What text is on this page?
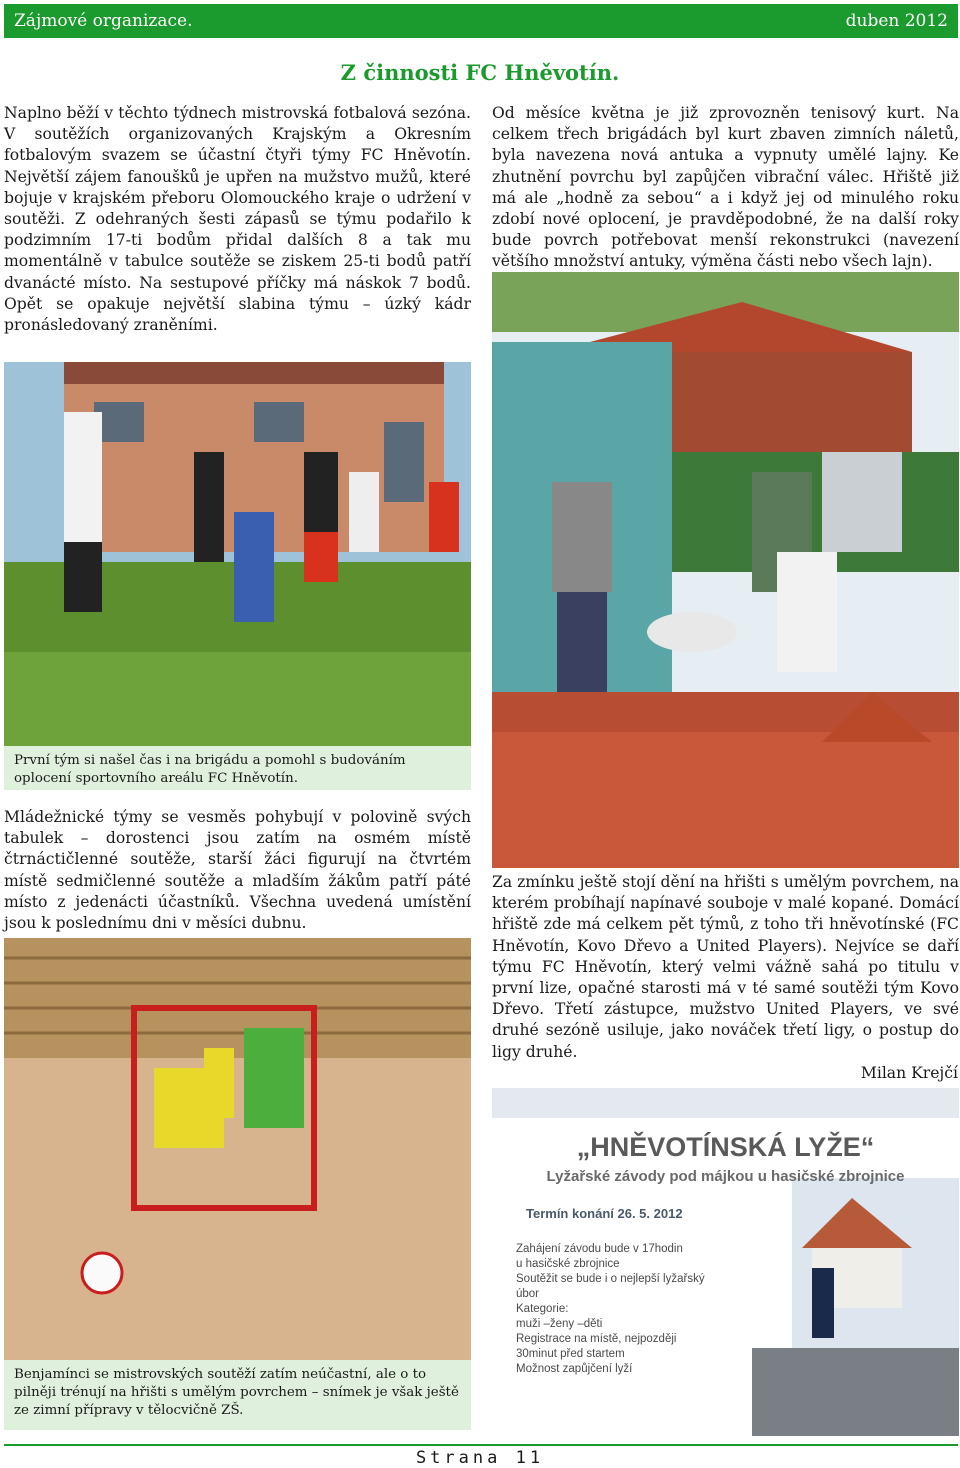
Zájmové organizace.	duben 2012
Z činnosti FC Hněvotín.

Naplno běží v těchto týdnech mistrovská fotbalová sezóna. V soutěžích organizovaných Krajským a Okresním fotbalovým svazem se účastní čtyři týmy FC Hněvotín. Největší zájem fanoušků je upřen na mužstvo mužů, které bojuje v krajském přeboru Olomouckého kraje o udržení v soutěži. Z odehraných šesti zápasů se týmu podařilo k podzimním 17-ti bodům přidal dalších 8 a tak mu momentálně v tabulce soutěže se ziskem 25-ti bodů patří dvanácté místo. Na sestupové příčky má náskok 7 bodů. Opět se opakuje největší slabina týmu – úzký kádr pronásledovaný zraněními.

První tým si našel čas i na brigádu a pomohl s budováním oplocení sportovního areálu FC Hněvotín.

Mládežnické týmy se vesměs pohybují v polovině svých tabulek – dorostenci jsou zatím na osmém místě čtrnáctičlenné soutěže, starší žáci figurují na čtvrtém místě sedmičlenné soutěže a mladším žákům patří páté místo z jedenácti účastníků. Všechna uvedená umístění jsou k poslednímu dni v měsíci dubnu.

Benjamínci se mistrovských soutěží zatím neúčastní, ale o to pilněji trénují na hřišti s umělým povrchem – snímek je však ještě ze zimní přípravy v tělocvičně ZŠ.

Od měsíce května je již zprovozněn tenisový kurt. Na celkem třech brigádách byl kurt zbaven zimních náletů, byla navezena nová antuka a vypnuty umělé lajny. Ke zhutnění povrchu byl zapůjčen vibrační válec. Hřiště již má ale „hodně za sebou“ a i když jej od minulého roku zdobí nové oplocení, je pravděpodobné, že na další roky bude povrch potřebovat menší rekonstrukci (navezení většího množství antuky, výměna části nebo všech lajn).

Za zmínku ještě stojí dění na hřišti s umělým povrchem, na kterém probíhají napínavé souboje v malé kopané. Domácí hřiště zde má celkem pět týmů, z toho tři hněvotínské (FC Hněvotín, Kovo Dřevo a United Players). Nejvíce se daří týmu FC Hněvotín, který velmi vážně sahá po titulu v první lize, opačné starosti má v té samé soutěži tým Kovo Dřevo. Třetí zástupce, mužstvo United Players, ve své druhé sezóně usiluje, jako nováček třetí ligy, o postup do ligy druhé.

Milan Krejčí
„HNĚVOTÍNSKÁ LYŽE“
Lyžařské závody pod májkou u hasičské zbrojnice
Termín konání 26. 5. 2012
Zahájení závodu bude v 17hodin
u hasičské zbrojnice
Soutěžit se bude i o nejlepší lyžařský
úbor
Kategorie:
muži –ženy –děti
Registrace na místě, nejpozději
30minut před startem
Možnost zapůjčení lyží
Strana 11
